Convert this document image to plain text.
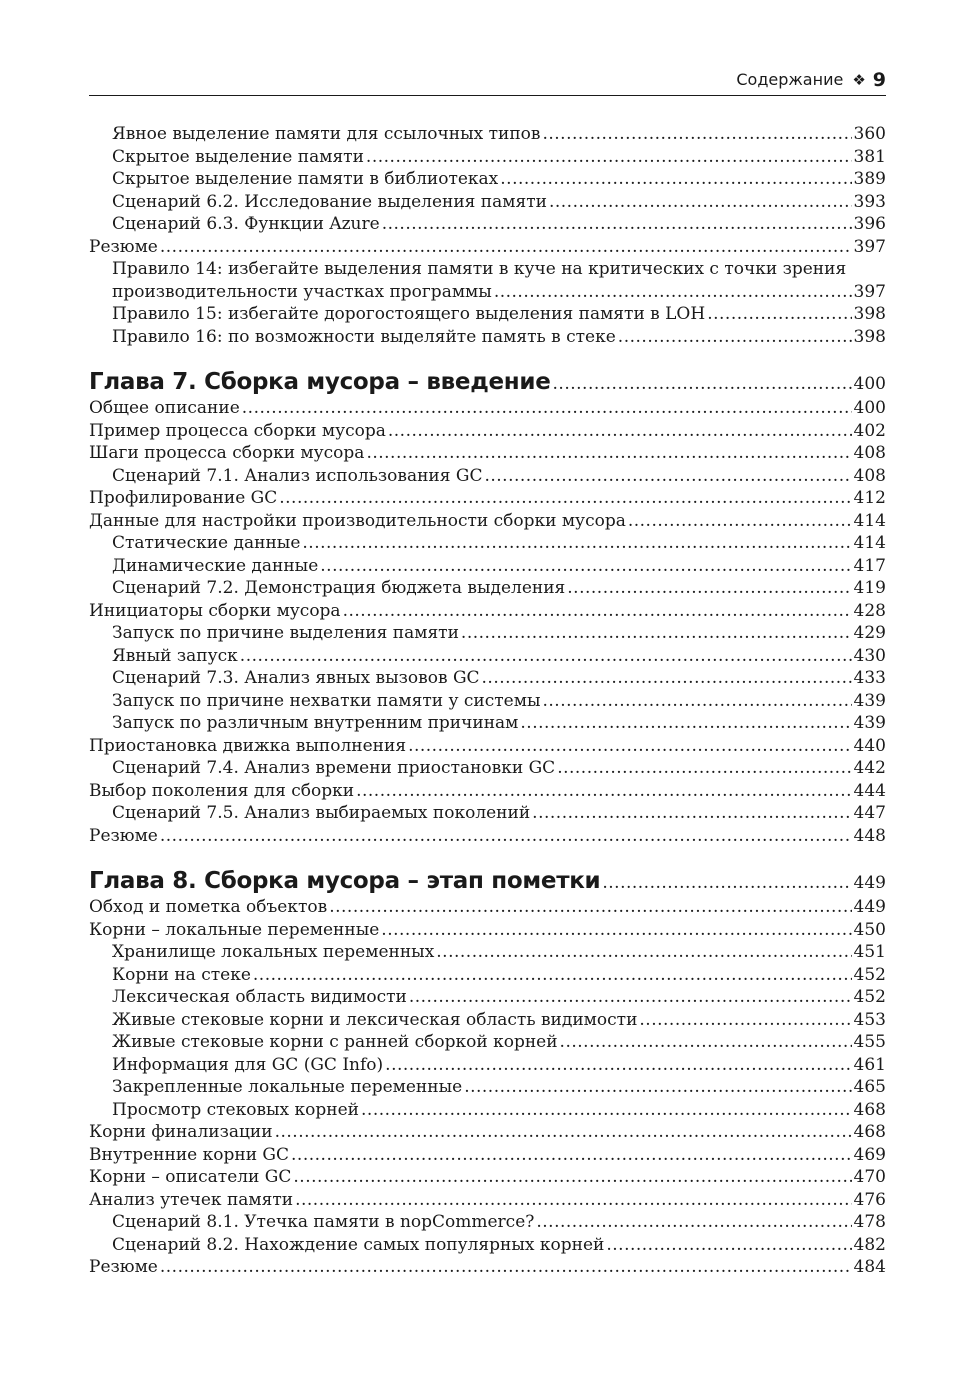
Содержание ❖ 9
Явное выделение памяти для ссылочных типов .....	360
Скрытое выделение памяти .....	381
Скрытое выделение памяти в библиотеках .....	389
Сценарий 6.2. Исследование выделения памяти .....	393
Сценарий 6.3. Функции Azure .....	396
Резюме .....	397
Правило 14: избегайте выделения памяти в куче на критических с точки зрения
производительности участках программы .....	397
Правило 15: избегайте дорогостоящего выделения памяти в LOH .....	398
Правило 16: по возможности выделяйте память в стеке .....	398
Глава 7. Сборка мусора – введение .....	400
Общее описание .....	400
Пример процесса сборки мусора .....	402
Шаги процесса сборки мусора .....	408
Сценарий 7.1. Анализ использования GC .....	408
Профилирование GC .....	412
Данные для настройки производительности сборки мусора .....	414
Статические данные .....	414
Динамические данные .....	417
Сценарий 7.2. Демонстрация бюджета выделения .....	419
Инициаторы сборки мусора .....	428
Запуск по причине выделения памяти .....	429
Явный запуск .....	430
Сценарий 7.3. Анализ явных вызовов GC .....	433
Запуск по причине нехватки памяти у системы .....	439
Запуск по различным внутренним причинам .....	439
Приостановка движка выполнения .....	440
Сценарий 7.4. Анализ времени приостановки GC .....	442
Выбор поколения для сборки .....	444
Сценарий 7.5. Анализ выбираемых поколений .....	447
Резюме .....	448
Глава 8. Сборка мусора – этап пометки .....	449
Обход и пометка объектов .....	449
Корни – локальные переменные .....	450
Хранилище локальных переменных .....	451
Корни на стеке .....	452
Лексическая область видимости .....	452
Живые стековые корни и лексическая область видимости .....	453
Живые стековые корни с ранней сборкой корней .....	455
Информация для GC (GC Info) .....	461
Закрепленные локальные переменные .....	465
Просмотр стековых корней .....	468
Корни финализации .....	468
Внутренние корни GC .....	469
Корни – описатели GC .....	470
Анализ утечек памяти .....	476
Сценарий 8.1. Утечка памяти в nopCommerce? .....	478
Сценарий 8.2. Нахождение самых популярных корней .....	482
Резюме .....	484
